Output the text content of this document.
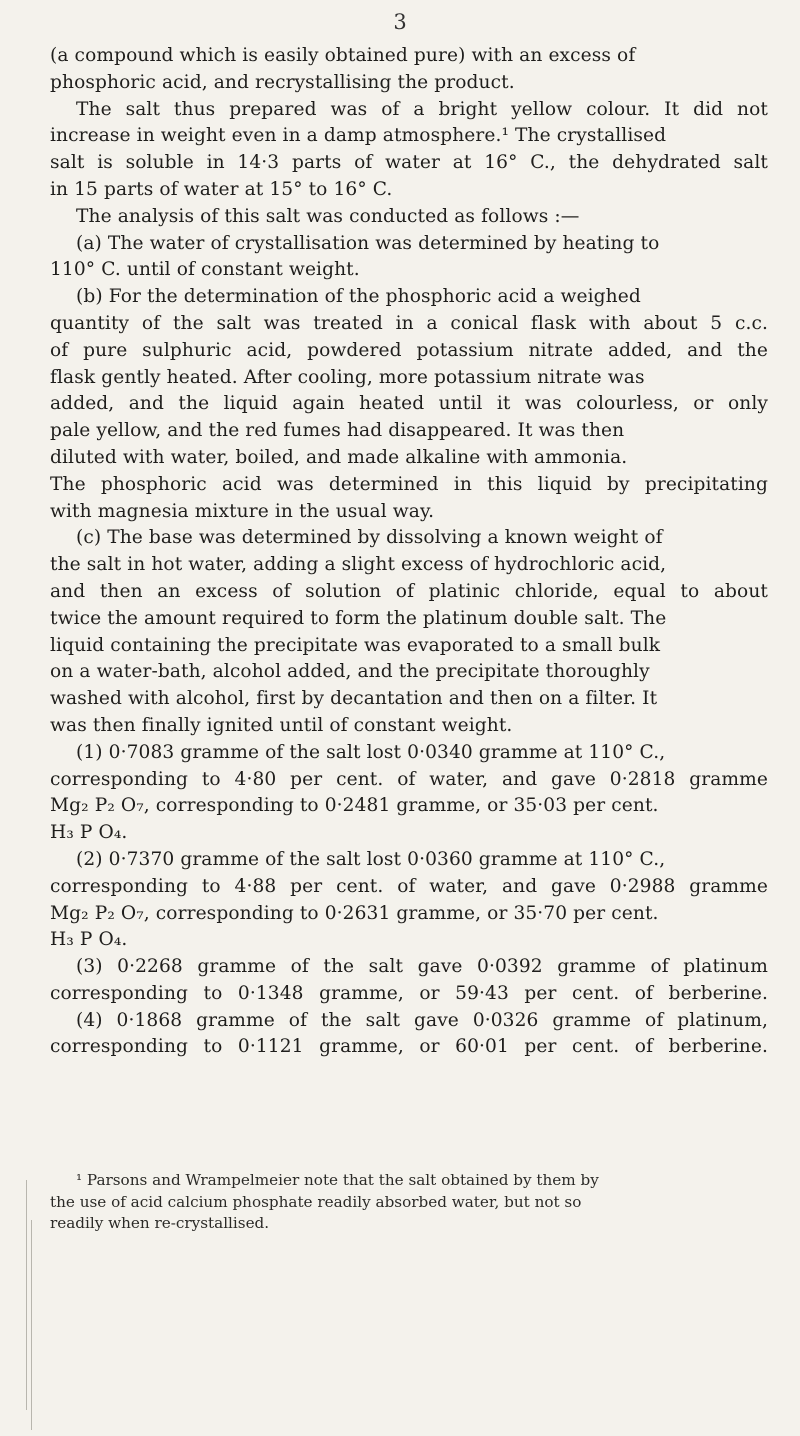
3
(a compound which is easily obtained pure) with an excess of
phosphoric acid, and recrystallising the product.
The salt thus prepared was of a bright yellow colour. It did not
increase in weight even in a damp atmosphere.¹ The crystallised
salt is soluble in 14·3 parts of water at 16° C., the dehydrated salt
in 15 parts of water at 15° to 16° C.
The analysis of this salt was conducted as follows :—
(a) The water of crystallisation was determined by heating to
110° C. until of constant weight.
(b) For the determination of the phosphoric acid a weighed
quantity of the salt was treated in a conical flask with about 5 c.c.
of pure sulphuric acid, powdered potassium nitrate added, and the
flask gently heated. After cooling, more potassium nitrate was
added, and the liquid again heated until it was colourless, or only
pale yellow, and the red fumes had disappeared. It was then
diluted with water, boiled, and made alkaline with ammonia.
The phosphoric acid was determined in this liquid by precipitating
with magnesia mixture in the usual way.
(c) The base was determined by dissolving a known weight of
the salt in hot water, adding a slight excess of hydrochloric acid,
and then an excess of solution of platinic chloride, equal to about
twice the amount required to form the platinum double salt. The
liquid containing the precipitate was evaporated to a small bulk
on a water-bath, alcohol added, and the precipitate thoroughly
washed with alcohol, first by decantation and then on a filter. It
was then finally ignited until of constant weight.
(1) 0·7083 gramme of the salt lost 0·0340 gramme at 110° C.,
corresponding to 4·80 per cent. of water, and gave 0·2818 gramme
Mg₂ P₂ O₇, corresponding to 0·2481 gramme, or 35·03 per cent.
H₃ P O₄.
(2) 0·7370 gramme of the salt lost 0·0360 gramme at 110° C.,
corresponding to 4·88 per cent. of water, and gave 0·2988 gramme
Mg₂ P₂ O₇, corresponding to 0·2631 gramme, or 35·70 per cent.
H₃ P O₄.
(3) 0·2268 gramme of the salt gave 0·0392 gramme of platinum
corresponding to 0·1348 gramme, or 59·43 per cent. of berberine.
(4) 0·1868 gramme of the salt gave 0·0326 gramme of platinum,
corresponding to 0·1121 gramme, or 60·01 per cent. of berberine.
¹ Parsons and Wrampelmeier note that the salt obtained by them by
the use of acid calcium phosphate readily absorbed water, but not so
readily when re-crystallised.
